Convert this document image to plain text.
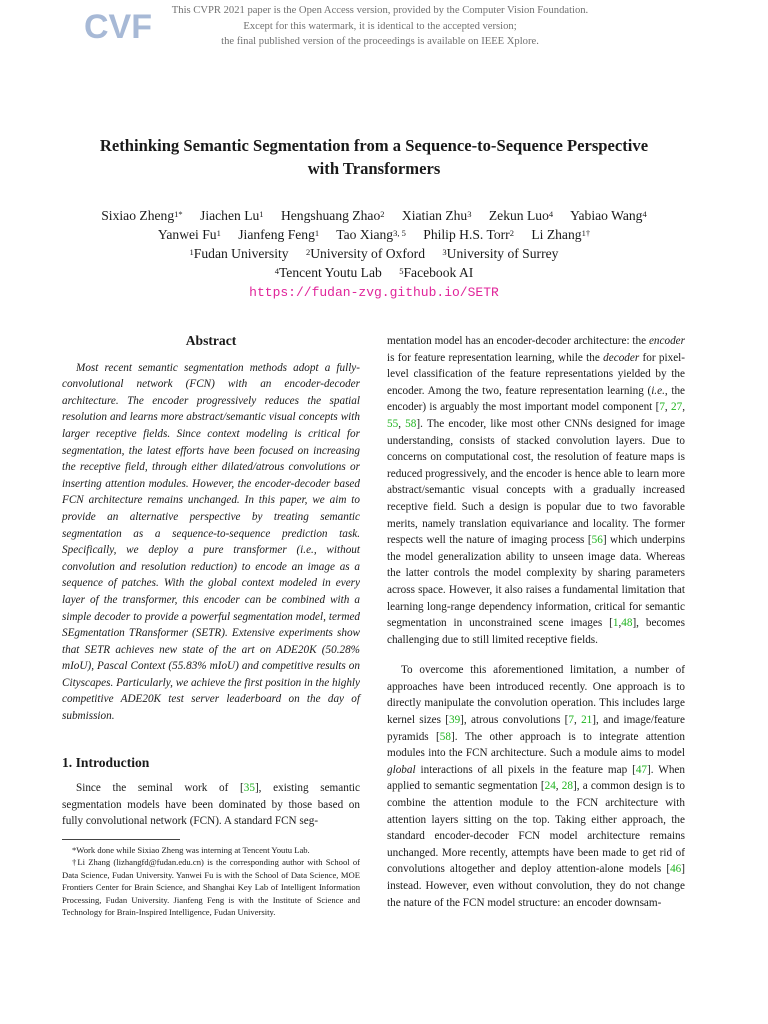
CVF	This CVPR 2021 paper is the Open Access version, provided by the Computer Vision Foundation.
Except for this watermark, it is identical to the accepted version;
the final published version of the proceedings is available on IEEE Xplore.
Rethinking Semantic Segmentation from a Sequence-to-Sequence Perspective
with Transformers
Sixiao Zheng$^{1*}$ Jiachen Lu$^1$ Hengshuang Zhao$^2$ Xiatian Zhu$^3$ Zekun Luo$^4$ Yabiao Wang$^4$
Yanwei Fu$^1$ Jianfeng Feng$^1$ Tao Xiang$^{3, 5}$ Philip H.S. Torr$^2$ Li Zhang$^{1\dagger}$
$^1$Fudan University $^2$University of Oxford $^3$University of Surrey
$^4$Tencent Youtu Lab $^5$Facebook AI
https://fudan-zvg.github.io/SETR
Abstract

Most recent semantic segmentation methods adopt a fully-convolutional network (FCN) with an encoder-decoder architecture. The encoder progressively reduces the spatial resolution and learns more abstract/semantic visual concepts with larger receptive fields. Since context modeling is critical for segmentation, the latest efforts have been focused on increasing the receptive field, through either dilated/atrous convolutions or inserting attention modules. However, the encoder-decoder based FCN architecture remains unchanged. In this paper, we aim to provide an alternative perspective by treating semantic segmentation as a sequence-to-sequence prediction task. Specifically, we deploy a pure transformer (i.e., without convolution and resolution reduction) to encode an image as a sequence of patches. With the global context modeled in every layer of the transformer, this encoder can be combined with a simple decoder to provide a powerful segmentation model, termed SEgmentation TRansformer (SETR). Extensive experiments show that SETR achieves new state of the art on ADE20K (50.28% mIoU), Pascal Context (55.83% mIoU) and competitive results on Cityscapes. Particularly, we achieve the first position in the highly competitive ADE20K test server leaderboard on the day of submission.

1. Introduction

Since the seminal work of [35], existing semantic segmentation models have been dominated by those based on fully convolutional network (FCN). A standard FCN seg-

*Work done while Sixiao Zheng was interning at Tencent Youtu Lab.

†Li Zhang (lizhangfd@fudan.edu.cn) is the corresponding author with School of Data Science, Fudan University. Yanwei Fu is with the School of Data Science, MOE Frontiers Center for Brain Science, and Shanghai Key Lab of Intelligent Information Processing, Fudan University. Jianfeng Feng is with the Institute of Science and Technology for Brain-Inspired Intelligence, Fudan University.

mentation model has an encoder-decoder architecture: the encoder is for feature representation learning, while the decoder for pixel-level classification of the feature representations yielded by the encoder. Among the two, feature representation learning (i.e., the encoder) is arguably the most important model component [7, 27, 55, 58]. The encoder, like most other CNNs designed for image understanding, consists of stacked convolution layers. Due to concerns on computational cost, the resolution of feature maps is reduced progressively, and the encoder is hence able to learn more abstract/semantic visual concepts with a gradually increased receptive field. Such a design is popular due to two favorable merits, namely translation equivariance and locality. The former respects well the nature of imaging process [56] which underpins the model generalization ability to unseen image data. Whereas the latter controls the model complexity by sharing parameters across space. However, it also raises a fundamental limitation that learning long-range dependency information, critical for semantic segmentation in unconstrained scene images [1,48], becomes challenging due to still limited receptive fields.

To overcome this aforementioned limitation, a number of approaches have been introduced recently. One approach is to directly manipulate the convolution operation. This includes large kernel sizes [39], atrous convolutions [7, 21], and image/feature pyramids [58]. The other approach is to integrate attention modules into the FCN architecture. Such a module aims to model global interactions of all pixels in the feature map [47]. When applied to semantic segmentation [24, 28], a common design is to combine the attention module to the FCN architecture with attention layers sitting on the top. Taking either approach, the standard encoder-decoder FCN model architecture remains unchanged. More recently, attempts have been made to get rid of convolutions altogether and deploy attention-alone models [46] instead. However, even without convolution, they do not change the nature of the FCN model structure: an encoder downsam-
